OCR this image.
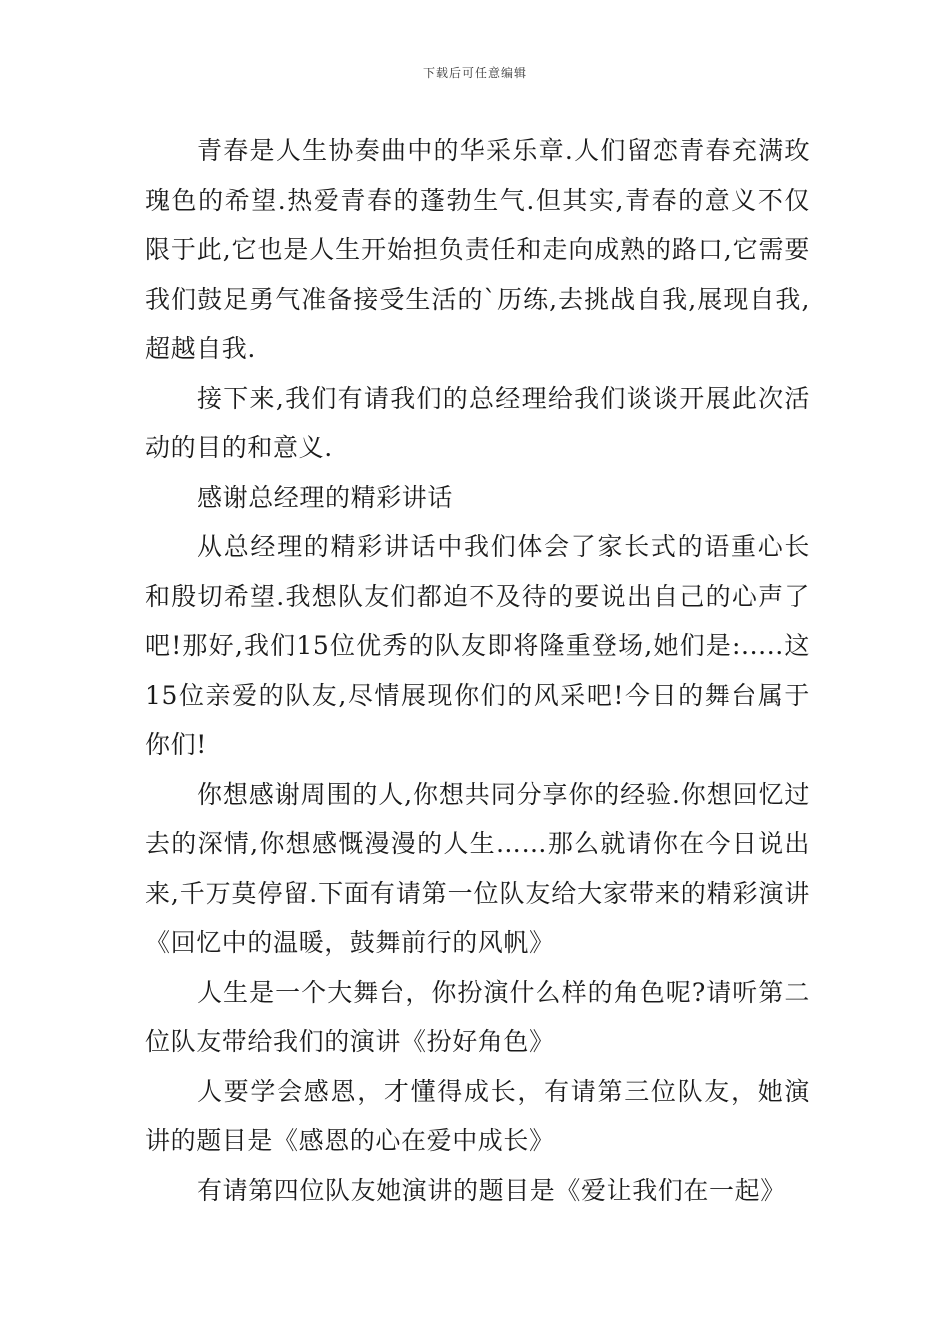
下载后可任意编辑

青春是人生协奏曲中的华采乐章.人们留恋青春充满玫瑰色的希望.热爱青春的蓬勃生气.但其实,青春的意义不仅限于此,它也是人生开始担负责任和走向成熟的路口,它需要我们鼓足勇气准备接受生活的`历练,去挑战自我,展现自我,超越自我.

接下来,我们有请我们的总经理给我们谈谈开展此次活动的目的和意义.

感谢总经理的精彩讲话

从总经理的精彩讲话中我们体会了家长式的语重心长和殷切希望.我想队友们都迫不及待的要说出自己的心声了吧!那好,我们15位优秀的队友即将隆重登场,她们是:.....这15位亲爱的队友,尽情展现你们的风采吧!今日的舞台属于你们!

你想感谢周围的人,你想共同分享你的经验.你想回忆过去的深情,你想感慨漫漫的人生……那么就请你在今日说出来,千万莫停留.下面有请第一位队友给大家带来的精彩演讲《回忆中的温暖，鼓舞前行的风帆》

人生是一个大舞台，你扮演什么样的角色呢?请听第二位队友带给我们的演讲《扮好角色》

人要学会感恩，才懂得成长，有请第三位队友，她演讲的题目是《感恩的心在爱中成长》

有请第四位队友她演讲的题目是《爱让我们在一起》
